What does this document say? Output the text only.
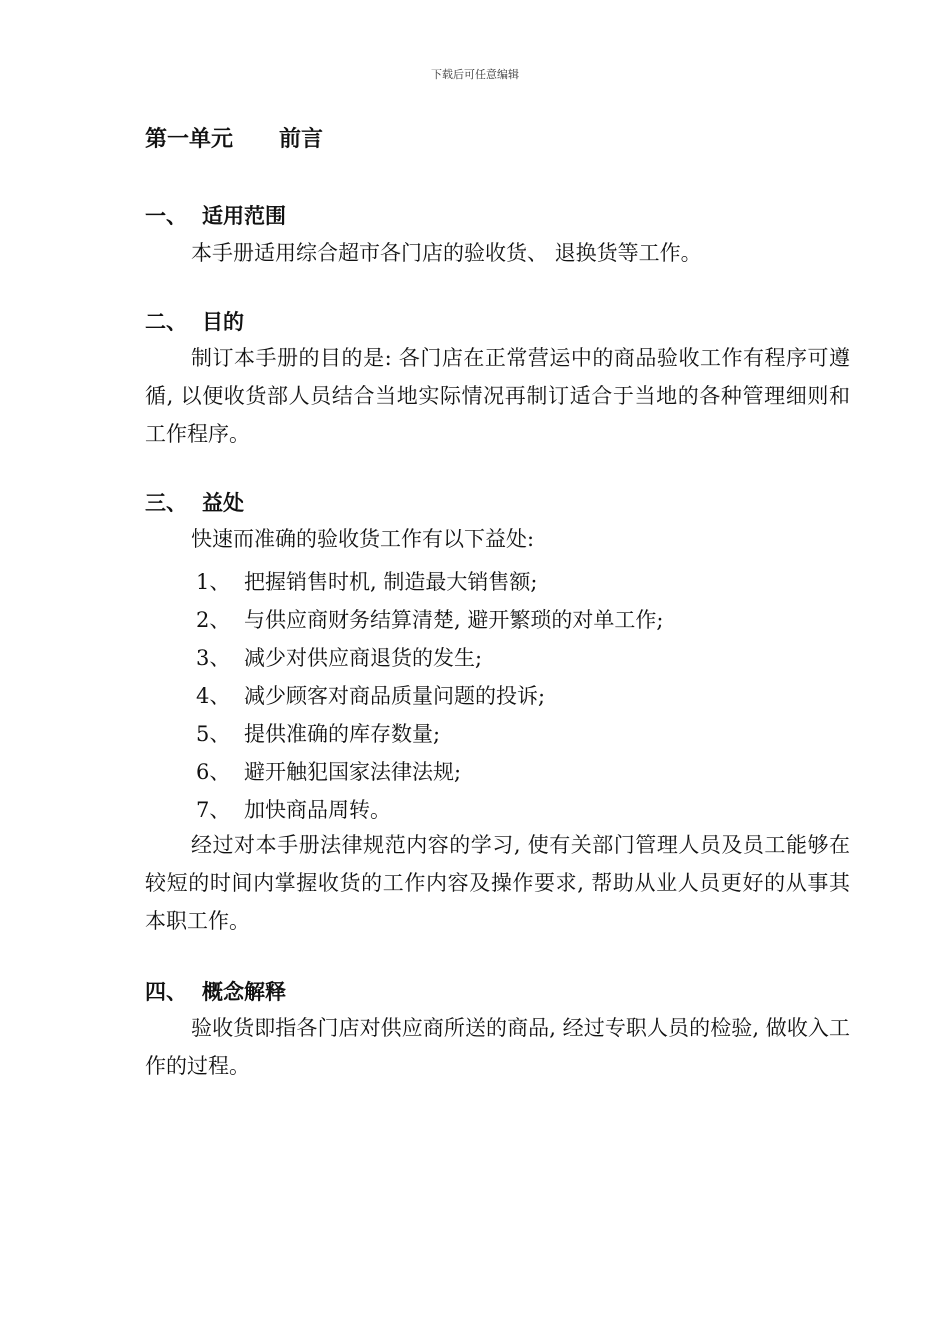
下载后可任意编辑
第一单元 前言
一、 适用范围
本手册适用综合超市各门店的验收货、 退换货等工作。
二、 目的
制订本手册的目的是: 各门店在正常营运中的商品验收工作有程序可遵循, 以便收货部人员结合当地实际情况再制订适合于当地的各种管理细则和工作程序。
三、 益处
快速而准确的验收货工作有以下益处:
1、 把握销售时机, 制造最大销售额;
2、 与供应商财务结算清楚, 避开繁琐的对单工作;
3、 减少对供应商退货的发生;
4、 减少顾客对商品质量问题的投诉;
5、 提供准确的库存数量;
6、 避开触犯国家法律法规;
7、 加快商品周转。
经过对本手册法律规范内容的学习, 使有关部门管理人员及员工能够在较短的时间内掌握收货的工作内容及操作要求, 帮助从业人员更好的从事其本职工作。
四、 概念解释
验收货即指各门店对供应商所送的商品, 经过专职人员的检验, 做收入工作的过程。
